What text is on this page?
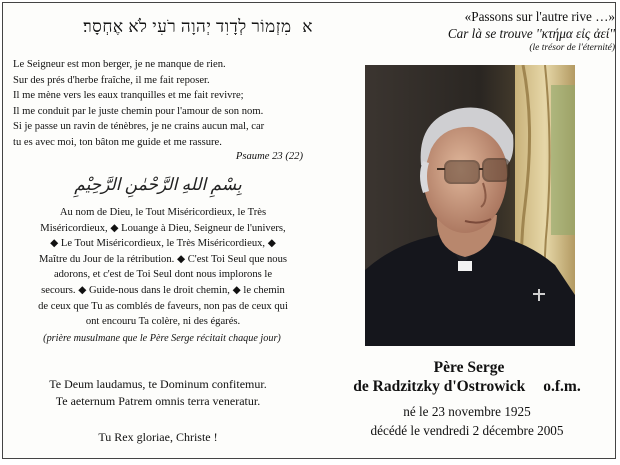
א מִזְמוֹר לְדָוִד יְהוָה רֹעִי לֹא אֶחְסָר׃
Le Seigneur est mon berger, je ne manque de rien.
Sur des prés d'herbe fraîche, il me fait reposer.
Il me mène vers les eaux tranquilles et me fait revivre;
Il me conduit par le juste chemin pour l'amour de son nom.
Si je passe un ravin de ténèbres, je ne crains aucun mal, car
tu es avec moi, ton bâton me guide et me rassure.
Psaume 23 (22)
بِسْمِ اللهِ الرَّحْمٰنِ الرَّحِيْمِ
Au nom de Dieu, le Tout Miséricordieux, le Très
Miséricordieux, ◆ Louange à Dieu, Seigneur de l'univers,
◆ Le Tout Miséricordieux, le Très Miséricordieux, ◆
Maître du Jour de la rétribution. ◆ C'est Toi Seul que nous
adorons, et c'est de Toi Seul dont nous implorons le
secours. ◆ Guide-nous dans le droit chemin, ◆ le chemin
de ceux que Tu as comblés de faveurs, non pas de ceux qui
ont encouru Ta colère, ni des égarés.
(prière musulmane que le Père Serge récitait chaque jour)
Te Deum laudamus, te Dominum confitemur.
Te aeternum Patrem omnis terra veneratur.
Tu Rex gloriae, Christe !
«Passons sur l'autre rive …»
Car là se trouve ''κτήμα εἰς ἀεί''
(le trésor de l'éternité)
Père Serge
de Radzitzky d'Ostrowick o.f.m.
né le 23 novembre 1925
décédé le vendredi 2 décembre 2005
